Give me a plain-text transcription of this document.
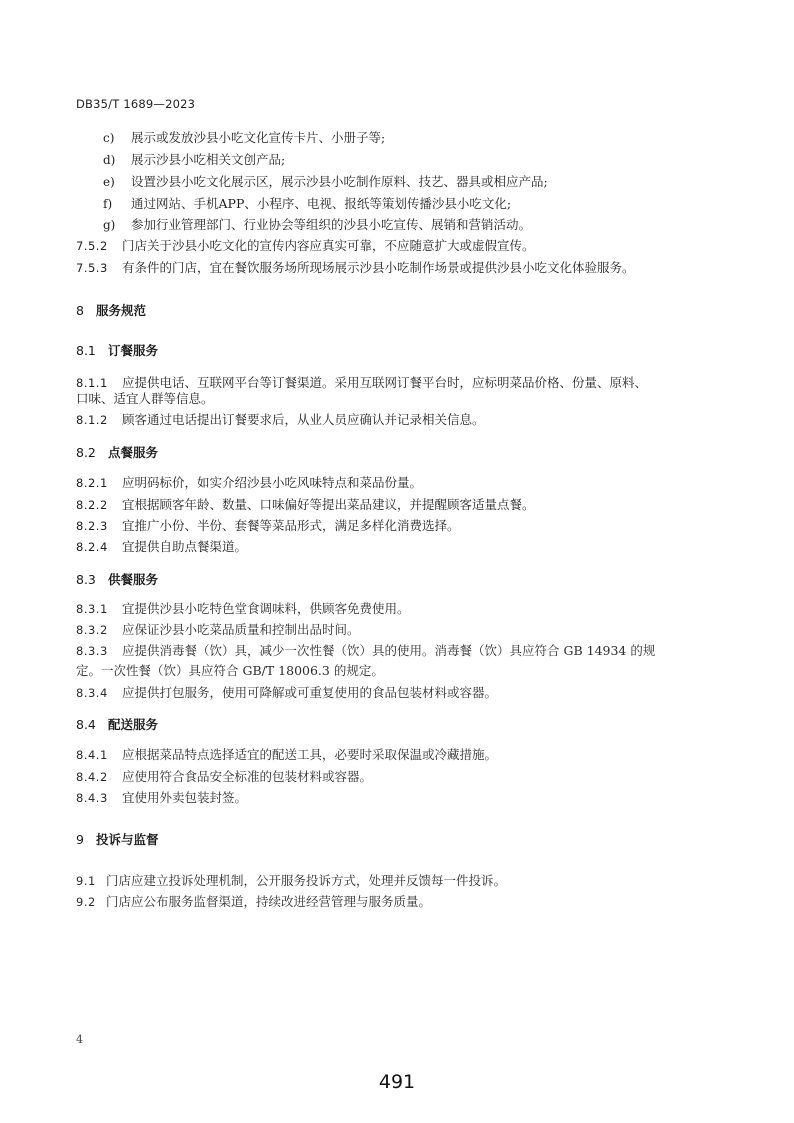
DB35/T 1689—2023
c) 展示或发放沙县小吃文化宣传卡片、小册子等;
d) 展示沙县小吃相关文创产品;
e) 设置沙县小吃文化展示区，展示沙县小吃制作原料、技艺、器具或相应产品;
f) 通过网站、手机APP、小程序、电视、报纸等策划传播沙县小吃文化;
g) 参加行业管理部门、行业协会等组织的沙县小吃宣传、展销和营销活动。
7.5.2 门店关于沙县小吃文化的宣传内容应真实可靠，不应随意扩大或虚假宣传。
7.5.3 有条件的门店，宜在餐饮服务场所现场展示沙县小吃制作场景或提供沙县小吃文化体验服务。
8 服务规范
8.1 订餐服务
8.1.1 应提供电话、互联网平台等订餐渠道。采用互联网订餐平台时，应标明菜品价格、份量、原料、
口味、适宜人群等信息。
8.1.2 顾客通过电话提出订餐要求后，从业人员应确认并记录相关信息。
8.2 点餐服务
8.2.1 应明码标价，如实介绍沙县小吃风味特点和菜品份量。
8.2.2 宜根据顾客年龄、数量、口味偏好等提出菜品建议，并提醒顾客适量点餐。
8.2.3 宜推广小份、半份、套餐等菜品形式，满足多样化消费选择。
8.2.4 宜提供自助点餐渠道。
8.3 供餐服务
8.3.1 宜提供沙县小吃特色堂食调味料，供顾客免费使用。
8.3.2 应保证沙县小吃菜品质量和控制出品时间。
8.3.3 应提供消毒餐（饮）具，减少一次性餐（饮）具的使用。消毒餐（饮）具应符合 GB 14934 的规
定。一次性餐（饮）具应符合 GB/T 18006.3 的规定。
8.3.4 应提供打包服务，使用可降解或可重复使用的食品包装材料或容器。
8.4 配送服务
8.4.1 应根据菜品特点选择适宜的配送工具，必要时采取保温或冷藏措施。
8.4.2 应使用符合食品安全标准的包装材料或容器。
8.4.3 宜使用外卖包装封签。
9 投诉与监督
9.1 门店应建立投诉处理机制，公开服务投诉方式，处理并反馈每一件投诉。
9.2 门店应公布服务监督渠道，持续改进经营管理与服务质量。
4
491
